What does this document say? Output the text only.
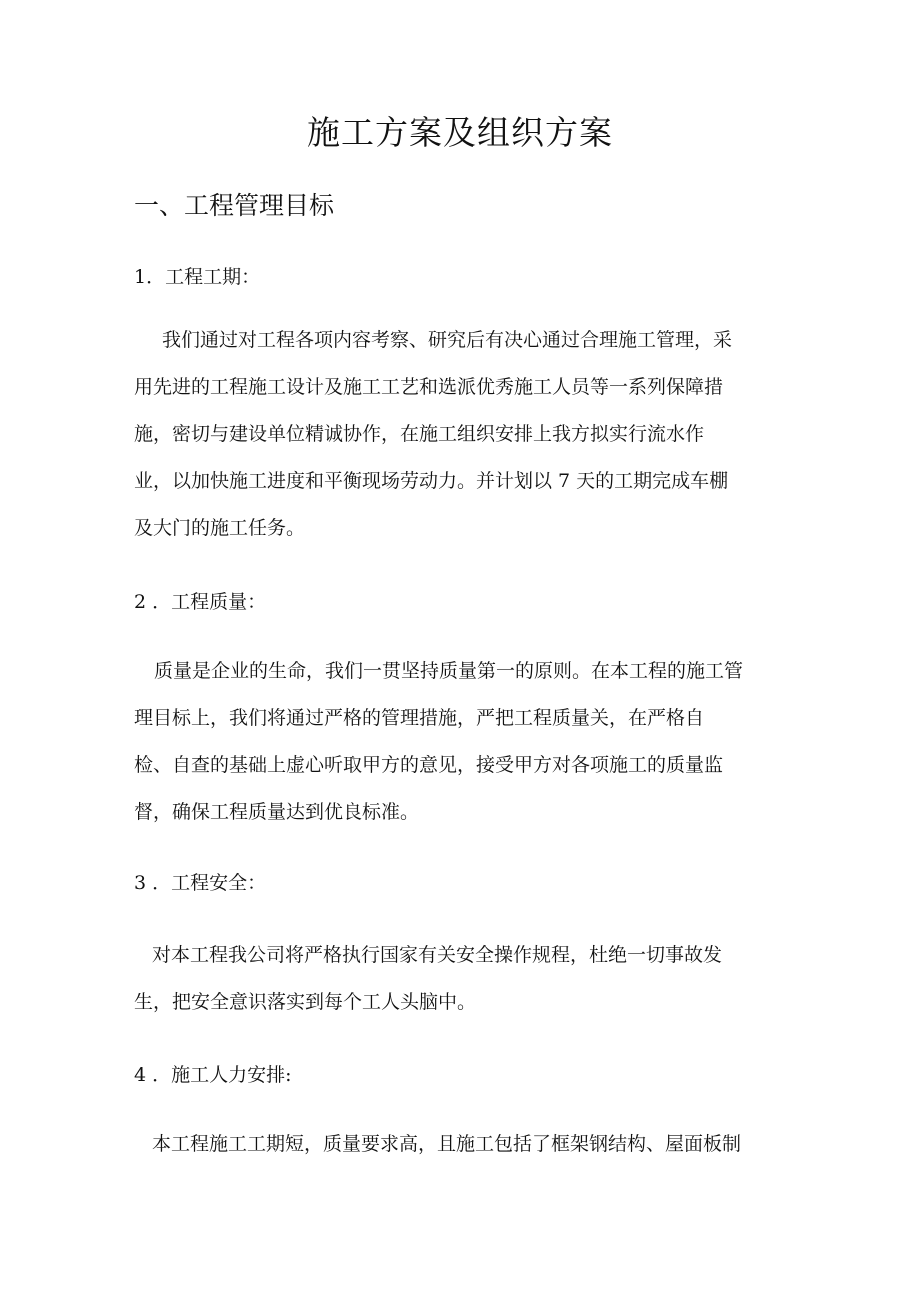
施工方案及组织方案
一、工程管理目标
1．工程工期：
我们通过对工程各项内容考察、研究后有决心通过合理施工管理，采
用先进的工程施工设计及施工工艺和选派优秀施工人员等一系列保障措
施，密切与建设单位精诚协作，在施工组织安排上我方拟实行流水作
业，以加快施工进度和平衡现场劳动力。并计划以 7 天的工期完成车棚
及大门的施工任务。
2 ．工程质量：
质量是企业的生命，我们一贯坚持质量第一的原则。在本工程的施工管
理目标上，我们将通过严格的管理措施，严把工程质量关，在严格自
检、自查的基础上虚心听取甲方的意见，接受甲方对各项施工的质量监
督，确保工程质量达到优良标准。
3 ．工程安全：
对本工程我公司将严格执行国家有关安全操作规程，杜绝一切事故发
生，把安全意识落实到每个工人头脑中。
4 ．施工人力安排:
本工程施工工期短，质量要求高，且施工包括了框架钢结构、屋面板制
